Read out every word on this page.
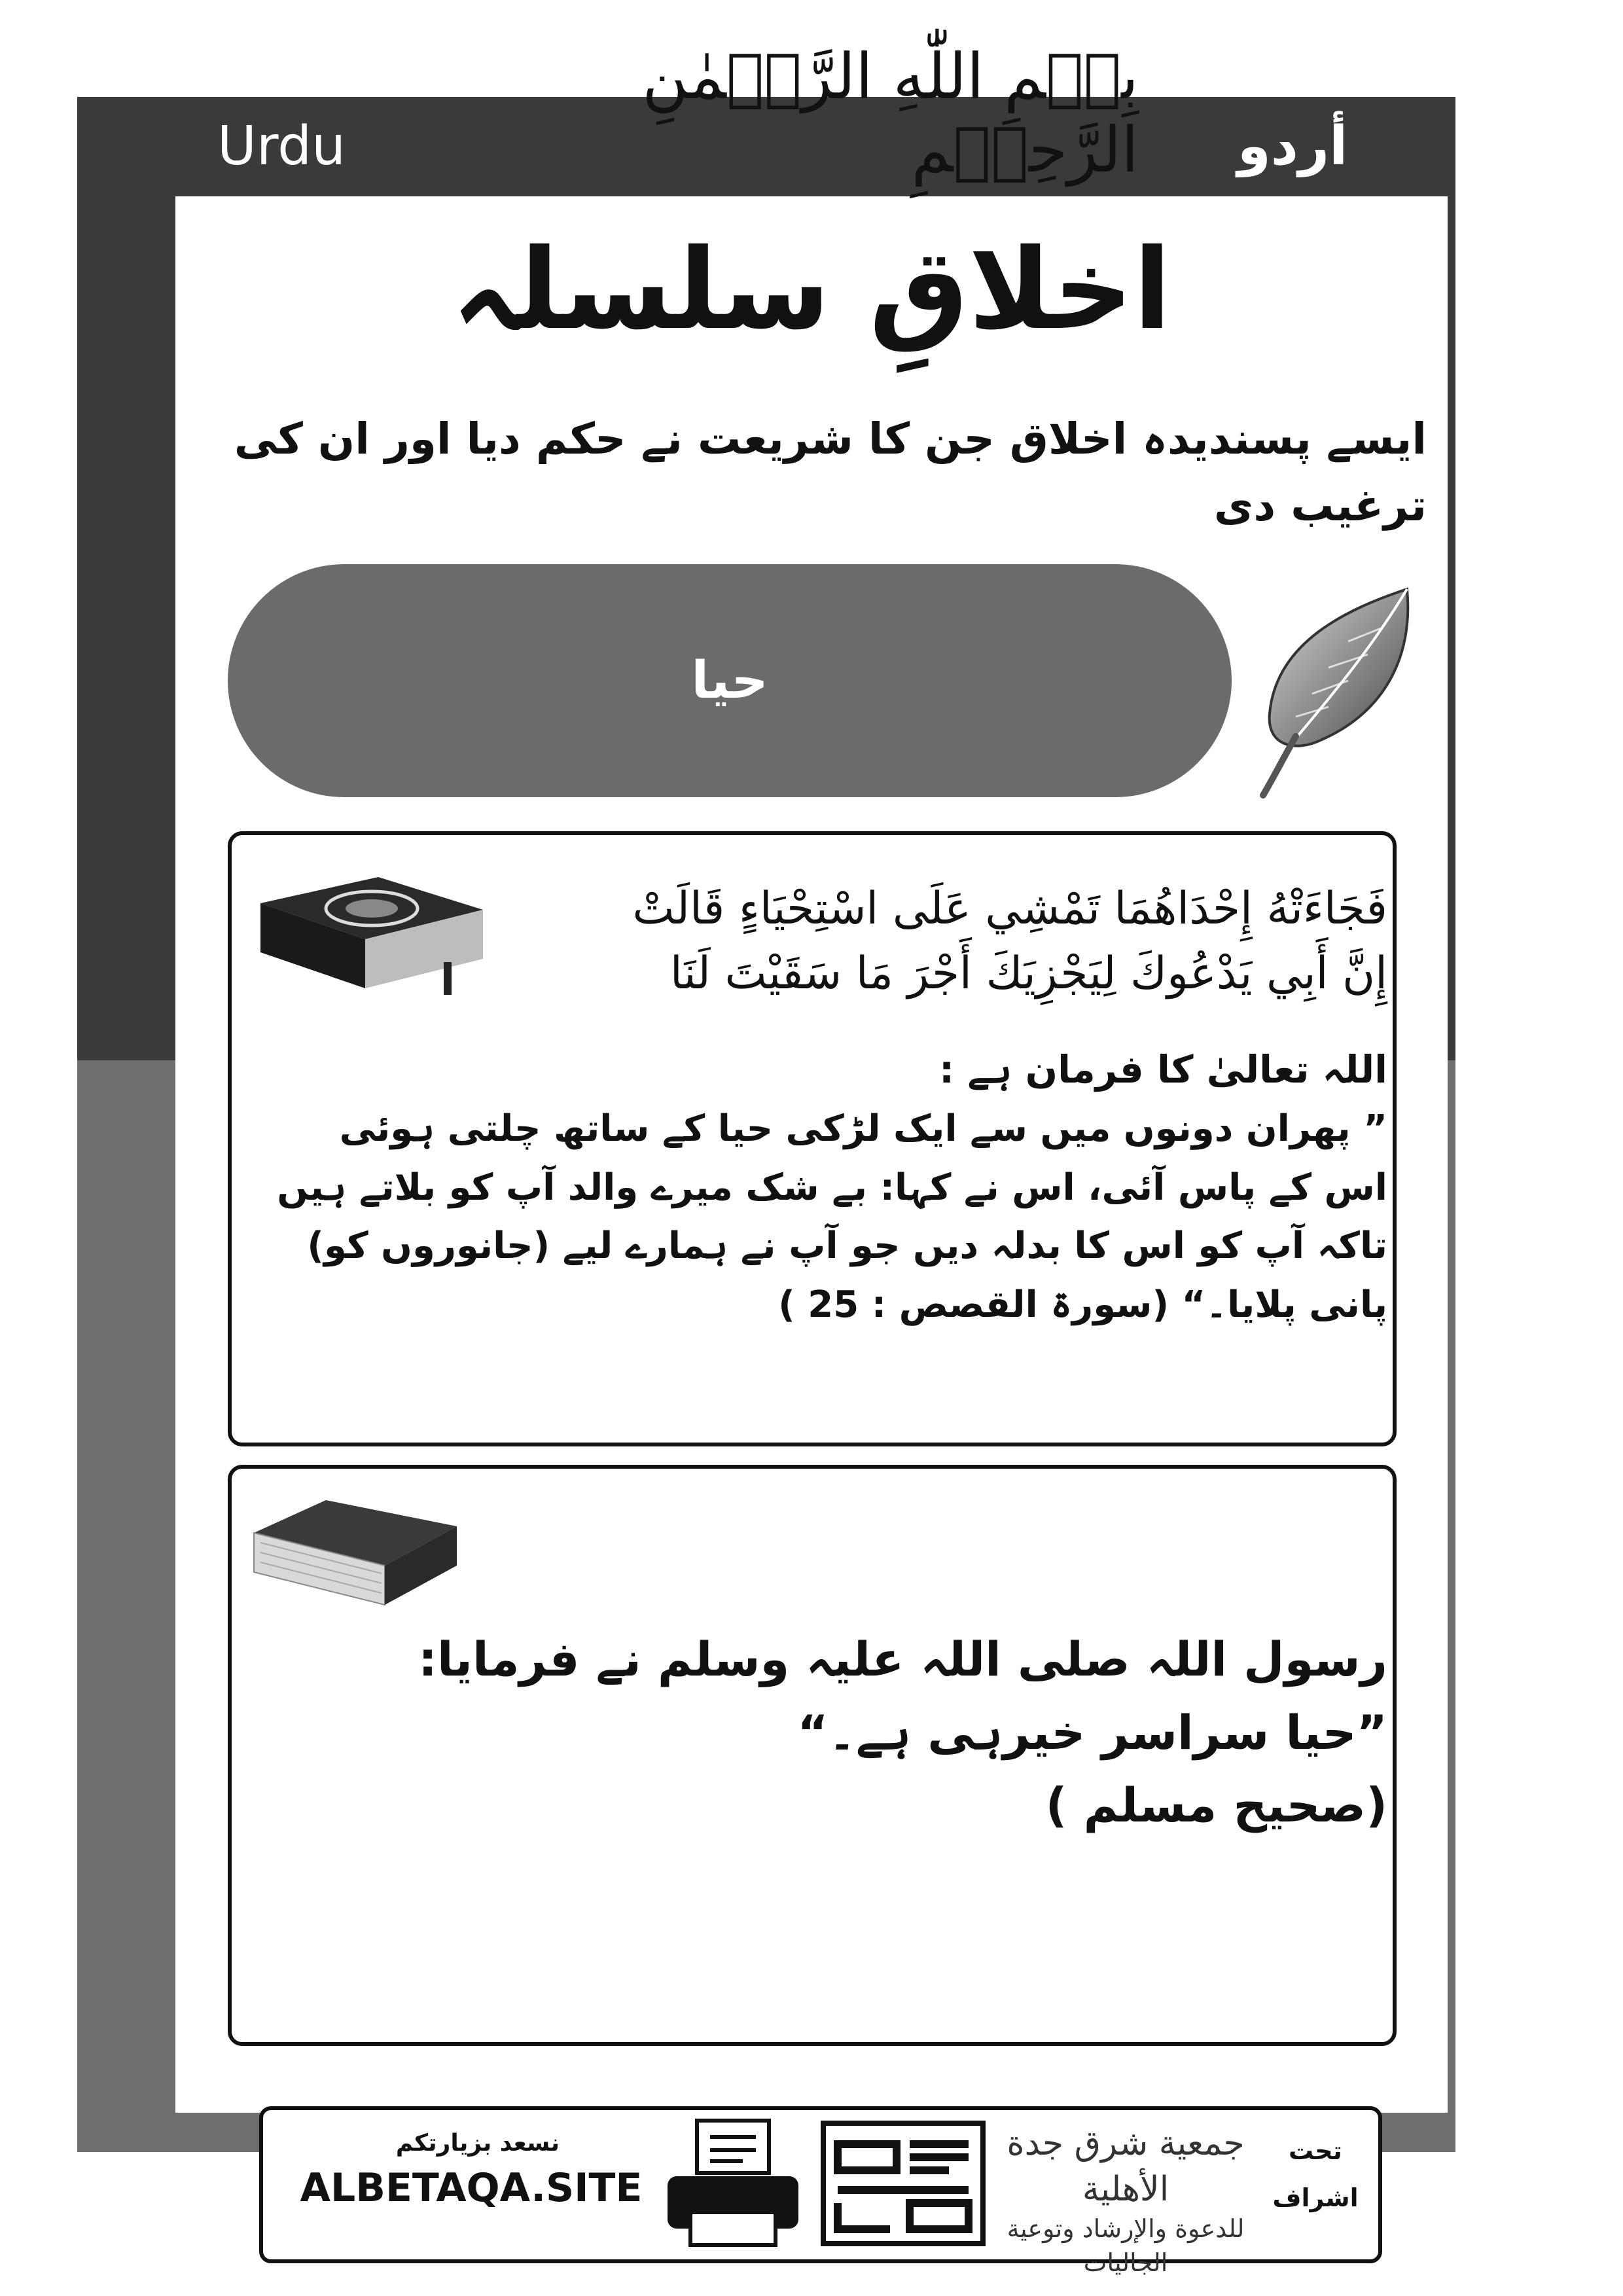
Urdu	أردو
بِسۡمِ اللّٰهِ الرَّحۡمٰنِ الرَّحِیۡمِ
اخلاقِ سلسلہ
ایسے پسندیدہ اخلاق جن کا شریعت نے حکم دیا اور ان کی ترغیب دی
حیا
فَجَاءَتْهُ إِحْدَاهُمَا تَمْشِي عَلَى اسْتِحْيَاءٍ قَالَتْ
إِنَّ أَبِي يَدْعُوكَ لِيَجْزِيَكَ أَجْرَ مَا سَقَيْتَ لَنَا
اللہ تعالیٰ کا فرمان ہے :
” پھران دونوں میں سے ایک لڑکی حیا کے ساتھ چلتی ہوئی اس کے پاس آئی، اس نے کہا: بے شک میرے والد آپ کو بلاتے ہیں تاکہ آپ کو اس کا بدلہ دیں جو آپ نے ہمارے لیے (جانوروں کو) پانی پلایا۔“ (سورۃ القصص : 25 )
رسول اللہ صلی اللہ علیہ وسلم نے فرمایا:
”حیا سراسر خیرہی ہے۔“
(صحیح مسلم )
نسعد بزيارتكم
ALBETAQA.SITE
جمعية شرق جدة الأهلية
للدعوة والإرشاد وتوعية الجاليات
تحت
اشراف
